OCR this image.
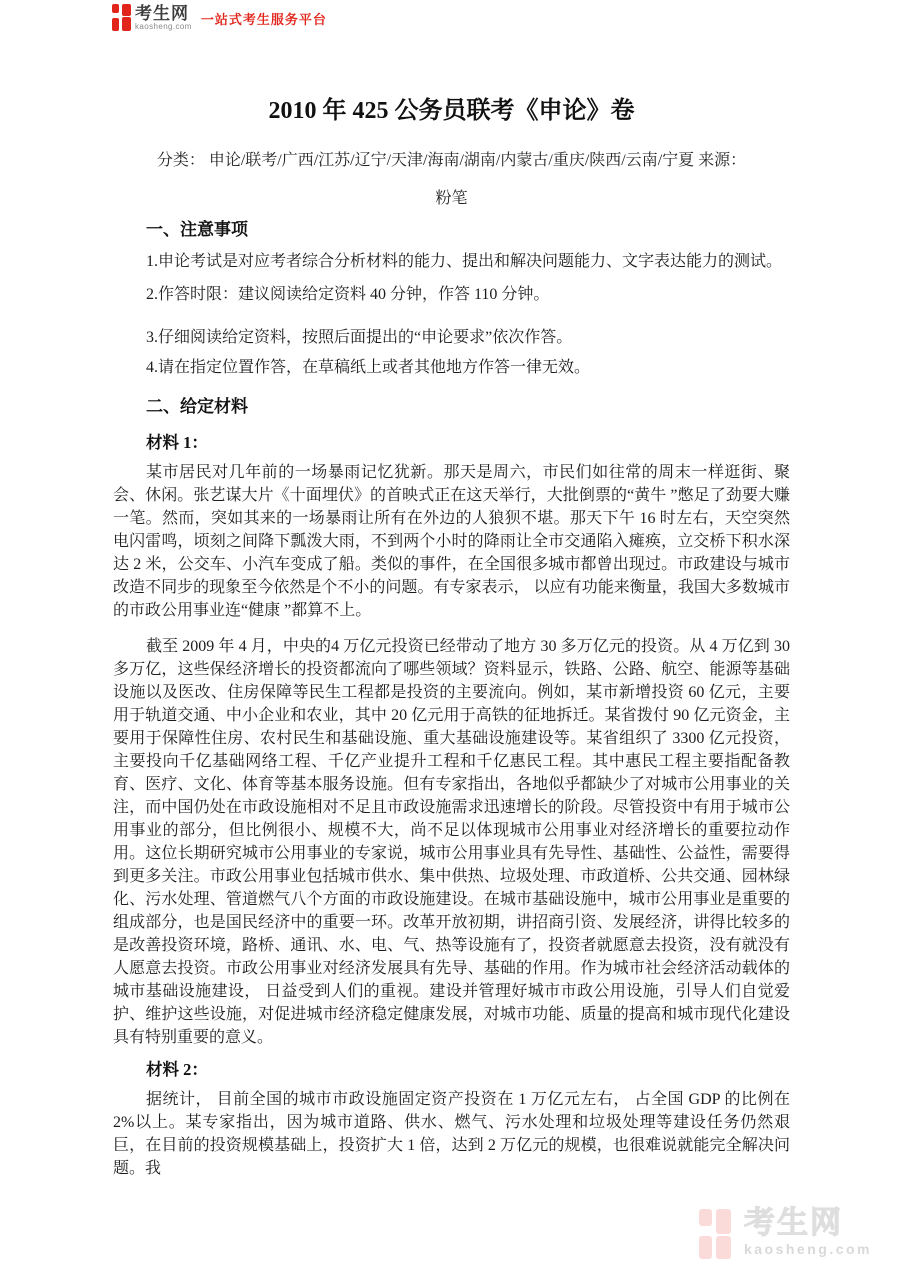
考生网
kaosheng.com 一站式考生服务平台
2010 年 425 公务员联考《申论》卷
分类： 申论/联考/广西/江苏/辽宁/天津/海南/湖南/内蒙古/重庆/陕西/云南/宁夏 来源：
粉笔
一、注意事项

1.申论考试是对应考者综合分析材料的能力、提出和解决问题能力、文字表达能力的测试。

2.作答时限：建议阅读给定资料 40 分钟，作答 110 分钟。

3.仔细阅读给定资料，按照后面提出的“申论要求”依次作答。

4.请在指定位置作答，在草稿纸上或者其他地方作答一律无效。

二、给定材料
材料 1：

某市居民对几年前的一场暴雨记忆犹新。那天是周六，市民们如往常的周末一样逛街、聚会、休闲。张艺谋大片《十面埋伏》的首映式正在这天举行，大批倒票的“黄牛 ”憋足了劲要大赚一笔。然而，突如其来的一场暴雨让所有在外边的人狼狈不堪。那天下午 16 时左右，天空突然电闪雷鸣，顷刻之间降下瓢泼大雨，不到两个小时的降雨让全市交通陷入瘫痪，立交桥下积水深达 2 米，公交车、小汽车变成了船。类似的事件，在全国很多城市都曾出现过。市政建设与城市改造不同步的现象至今依然是个不小的问题。有专家表示， 以应有功能来衡量，我国大多数城市的市政公用事业连“健康 ”都算不上。

截至 2009 年 4 月，中央的4 万亿元投资已经带动了地方 30 多万亿元的投资。从 4 万亿到 30 多万亿，这些保经济增长的投资都流向了哪些领域？资料显示，铁路、公路、航空、能源等基础设施以及医改、住房保障等民生工程都是投资的主要流向。例如，某市新增投资 60 亿元，主要用于轨道交通、中小企业和农业，其中 20 亿元用于高铁的征地拆迁。某省拨付 90 亿元资金，主要用于保障性住房、农村民生和基础设施、重大基础设施建设等。某省组织了 3300 亿元投资，主要投向千亿基础网络工程、千亿产业提升工程和千亿惠民工程。其中惠民工程主要指配备教育、医疗、文化、体育等基本服务设施。但有专家指出，各地似乎都缺少了对城市公用事业的关注，而中国仍处在市政设施相对不足且市政设施需求迅速增长的阶段。尽管投资中有用于城市公用事业的部分，但比例很小、规模不大，尚不足以体现城市公用事业对经济增长的重要拉动作用。这位长期研究城市公用事业的专家说，城市公用事业具有先导性、基础性、公益性，需要得到更多关注。市政公用事业包括城市供水、集中供热、垃圾处理、市政道桥、公共交通、园林绿化、污水处理、管道燃气八个方面的市政设施建设。在城市基础设施中，城市公用事业是重要的组成部分，也是国民经济中的重要一环。改革开放初期，讲招商引资、发展经济，讲得比较多的是改善投资环境，路桥、通讯、水、电、气、热等设施有了，投资者就愿意去投资，没有就没有人愿意去投资。市政公用事业对经济发展具有先导、基础的作用。作为城市社会经济活动载体的城市基础设施建设， 日益受到人们的重视。建设并管理好城市市政公用设施，引导人们自觉爱护、维护这些设施，对促进城市经济稳定健康发展，对城市功能、质量的提高和城市现代化建设具有特别重要的意义。

材料 2：

据统计， 目前全国的城市市政设施固定资产投资在 1 万亿元左右， 占全国 GDP 的比例在 2%以上。某专家指出，因为城市道路、供水、燃气、污水处理和垃圾处理等建设任务仍然艰巨，在目前的投资规模基础上，投资扩大 1 倍，达到 2 万亿元的规模，也很难说就能完全解决问题。我

考生网
kaosheng.com
